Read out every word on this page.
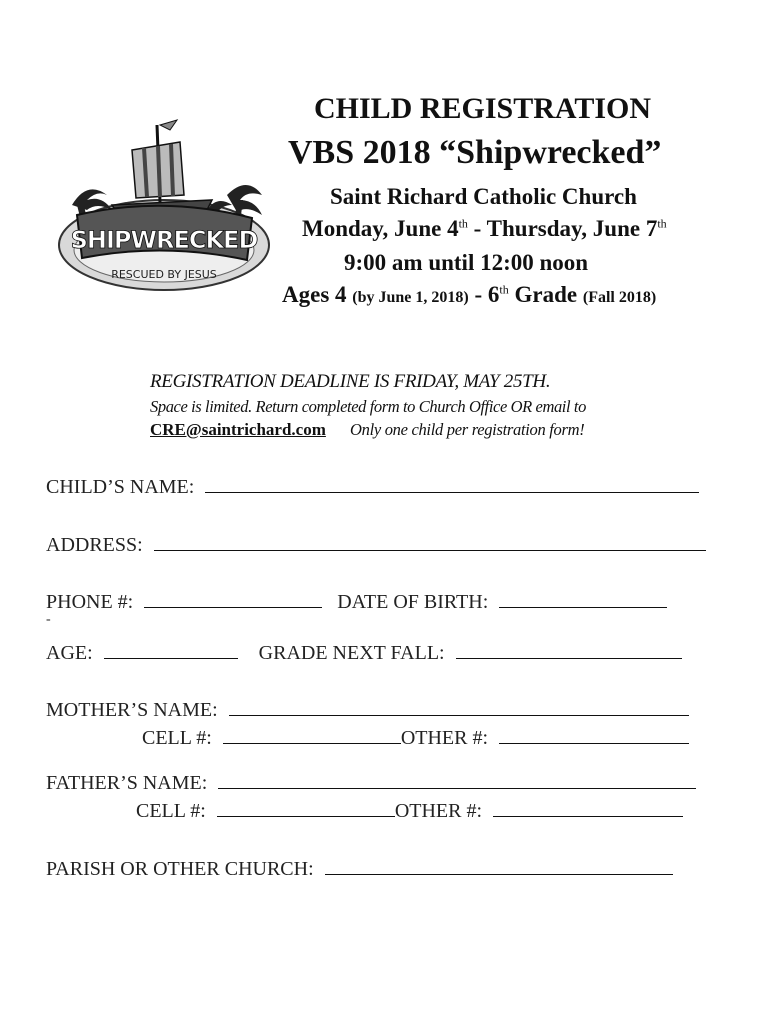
SHIPWRECKED
RESCUED BY JESUS
CHILD REGISTRATION
VBS 2018 “Shipwrecked”
Saint Richard Catholic Church
Monday, June 4th - Thursday, June 7th
9:00 am until 12:00 noon
Ages 4 (by June 1, 2018) - 6th Grade (Fall 2018)
REGISTRATION DEADLINE IS FRIDAY, MAY 25TH.
Space is limited. Return completed form to Church Office OR email to
CRE@saintrichard.com Only one child per registration form!
CHILD’S NAME:
ADDRESS:
PHONE #:	DATE OF BIRTH:
-
AGE:	GRADE NEXT FALL:
MOTHER’S NAME:
CELL #:	OTHER #:
FATHER’S NAME:
CELL #:	OTHER #:
PARISH OR OTHER CHURCH:
